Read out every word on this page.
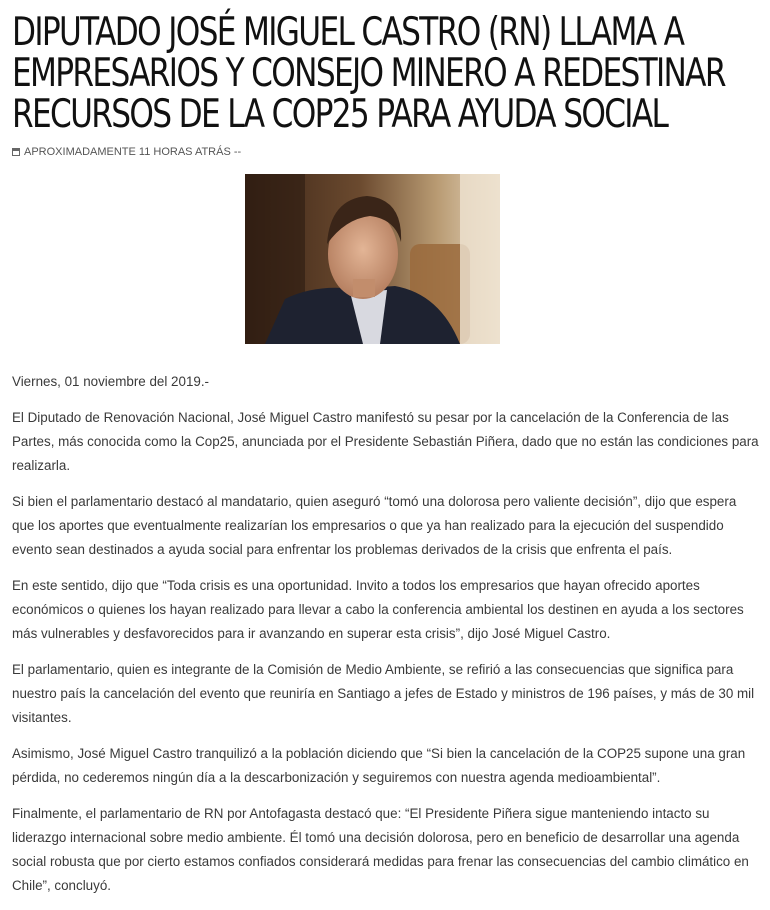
DIPUTADO JOSÉ MIGUEL CASTRO (RN) LLAMA A
EMPRESARIOS Y CONSEJO MINERO A REDESTINAR
RECURSOS DE LA COP25 PARA AYUDA SOCIAL
APROXIMADAMENTE 11 HORAS ATRÁS --

Viernes, 01 noviembre del 2019.-

El Diputado de Renovación Nacional, José Miguel Castro manifestó su pesar por la cancelación de la Conferencia de las Partes, más conocida como la Cop25, anunciada por el Presidente Sebastián Piñera, dado que no están las condiciones para realizarla.

Si bien el parlamentario destacó al mandatario, quien aseguró “tomó una dolorosa pero valiente decisión”, dijo que espera que los aportes que eventualmente realizarían los empresarios o que ya han realizado para la ejecución del suspendido evento sean destinados a ayuda social para enfrentar los problemas derivados de la crisis que enfrenta el país.

En este sentido, dijo que “Toda crisis es una oportunidad. Invito a todos los empresarios que hayan ofrecido aportes económicos o quienes los hayan realizado para llevar a cabo la conferencia ambiental los destinen en ayuda a los sectores más vulnerables y desfavorecidos para ir avanzando en superar esta crisis”, dijo José Miguel Castro.

El parlamentario, quien es integrante de la Comisión de Medio Ambiente, se refirió a las consecuencias que significa para nuestro país la cancelación del evento que reuniría en Santiago a jefes de Estado y ministros de 196 países, y más de 30 mil visitantes.

Asimismo, José Miguel Castro tranquilizó a la población diciendo que “Si bien la cancelación de la COP25 supone una gran pérdida, no cederemos ningún día a la descarbonización y seguiremos con nuestra agenda medioambiental”.

Finalmente, el parlamentario de RN por Antofagasta destacó que: “El Presidente Piñera sigue manteniendo intacto su liderazgo internacional sobre medio ambiente. Él tomó una decisión dolorosa, pero en beneficio de desarrollar una agenda social robusta que por cierto estamos confiados considerará medidas para frenar las consecuencias del cambio climático en Chile”, concluyó.
